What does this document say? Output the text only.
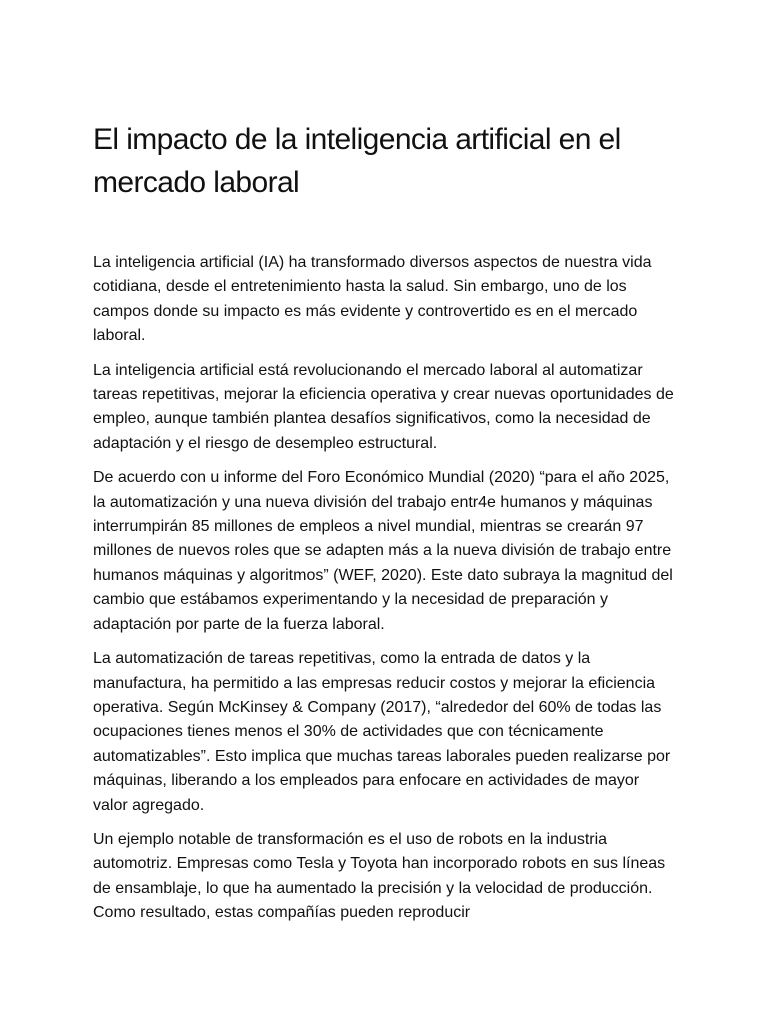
El impacto de la inteligencia artificial en el mercado laboral

La inteligencia artificial (IA) ha transformado diversos aspectos de nuestra vida cotidiana, desde el entretenimiento hasta la salud. Sin embargo, uno de los campos donde su impacto es más evidente y controvertido es en el mercado laboral.

La inteligencia artificial está revolucionando el mercado laboral al automatizar tareas repetitivas, mejorar la eficiencia operativa y crear nuevas oportunidades de empleo, aunque también plantea desafíos significativos, como la necesidad de adaptación y el riesgo de desempleo estructural.

De acuerdo con u informe del Foro Económico Mundial (2020) “para el año 2025, la automatización y una nueva división del trabajo entr4e humanos y máquinas interrumpirán 85 millones de empleos a nivel mundial, mientras se crearán 97 millones de nuevos roles que se adapten más a la nueva división de trabajo entre humanos máquinas y algoritmos” (WEF, 2020). Este dato subraya la magnitud del cambio que estábamos experimentando y la necesidad de preparación y adaptación por parte de la fuerza laboral.

La automatización de tareas repetitivas, como la entrada de datos y la manufactura, ha permitido a las empresas reducir costos y mejorar la eficiencia operativa. Según McKinsey & Company (2017), “alrededor del 60% de todas las ocupaciones tienes menos el 30% de actividades que con técnicamente automatizables”. Esto implica que muchas tareas laborales pueden realizarse por máquinas, liberando a los empleados para enfocare en actividades de mayor valor agregado.

Un ejemplo notable de transformación es el uso de robots en la industria automotriz. Empresas como Tesla y Toyota han incorporado robots en sus líneas de ensamblaje, lo que ha aumentado la precisión y la velocidad de producción. Como resultado, estas compañías pueden reproducir
